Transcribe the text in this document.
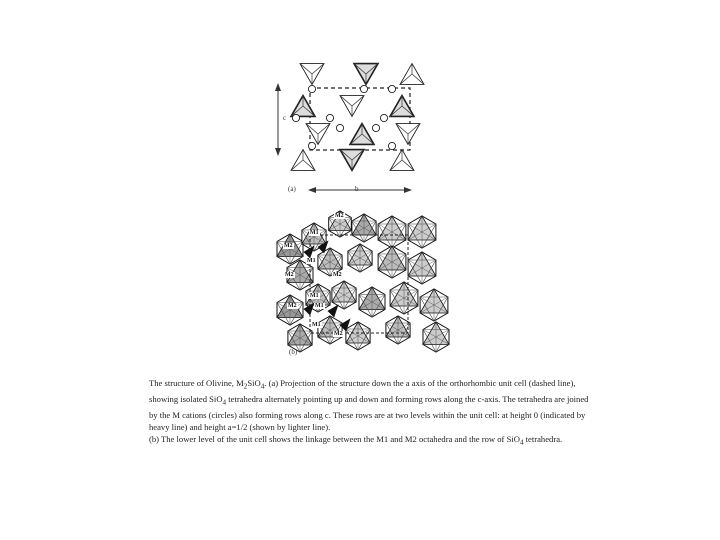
c
b
(a)
(b)
M2
M1
M2
M1
M2
M2
M1
M2	M1
M1
M2

The structure of Olivine, $M_2SiO_4$. (a) Projection of the structure down the a axis of the orthorhombic unit cell (dashed line), showing isolated SiO$_4$ tetrahedra alternately pointing up and down and forming rows along the c-axis. The tetrahedra are joined by the M cations (circles) also forming rows along c. These rows are at two levels within the unit cell: at height 0 (indicated by heavy line) and height a=1/2 (shown by lighter line).

(b) The lower level of the unit cell shows the linkage between the M1 and M2 octahedra and the row of SiO$_4$ tetrahedra.
